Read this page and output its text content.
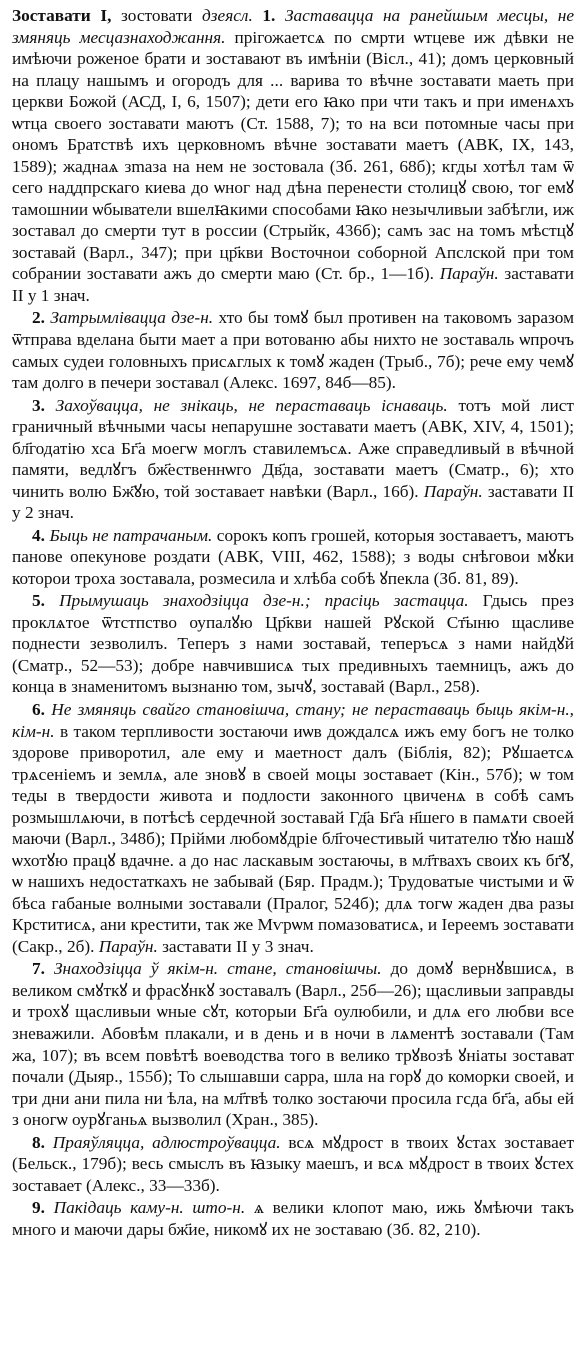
Зоставати I, зостовати дзеясл. 1. Заставацца на ранейшым месцы, не змяняць месцазнаходжання. прiгожаетсѧ по смрти ѡтцеве иж дѣвки не имѣючи роженое брати и зоставают въ имѣнiи (Вiсл., 41); домъ церковный на плацу нашымъ и огородъ для ... варива то вѣчне зоставати маеть при церкви Божой (АСД, I, 6, 1507); дети его ꙗко при чти такъ и при именѧхъ ѡтца своего зоставати маютъ (Ст. 1588, 7); то на вси потомные часы при ономъ Братствѣ ихъ церковномъ вѣчне зоставати маетъ (АВК, IX, 143, 1589); жаднаѧ зmаза на нем не зостовала (Зб. 261, 68б); кгды хотѣл там ѿ сего наддпрскаго киева до ѡног над дѣна перенести столицꙋ свою, тог емꙋ тамошнии ѡбыватели вшелꙗкими способами ꙗко незычливыи забѣгли, иж зоставал до смерти тут в россии (Стрыйк, 436б); самъ зас на томъ мѣстцꙋ зоставай (Варл., 347); при цр҃кви Восточнои соборной Апслской при том собрании зоставати ажъ до смерти маю (Ст. бр., 1—1б). Параўн. заставати II у 1 знач.

2. Затрымлівацца дзе-н. хто бы томꙋ был противен на таковомъ заразом ѿтправа вделана быти мает а при вотованю абы нихто не зоставаль ѡпрочъ самых судеи головныхъ присѧглых к томꙋ жаден (Трыб., 7б); рече ему чемꙋ там долго в печери зоставал (Алекс. 1697, 84б—85).

3. Захоўвацца, не знікаць, не пераставаць існаваць. тотъ мой лист граничный вѣчными часы непарушне зоставати маетъ (АВК, XIV, 4, 1501); бл҃годатiю хса Бг҃а моегѡ моглъ ставилемъсѧ. Аже справедливый в вѣчной памяти, ведлꙋгъ бж҃ественнѡго Дв҃да, зоставати маетъ (Сматр., 6); хто чинить волю Бж҃ꙋю, той зоставает навѣки (Варл., 16б). Параўн. заставати II у 2 знач.

4. Быць не патрачаным. сорокъ копъ грошей, которыя зоставаетъ, маютъ панове опекунове роздати (АВК, VIII, 462, 1588); з воды снѣговои мꙋки которои троха зоставала, розмесила и хлѣба собѣ ꙋпекла (Зб. 81, 89).

5. Прымушаць знаходзіцца дзе-н.; прасіць застацца. Гдысь през проклѧтое ѿтстпство оупалꙋю Цр҃кви нашей Рꙋской Ст҃ыню щасливе поднести зезволилъ. Теперъ з нами зоставай, теперъсѧ з нами найдꙋй (Сматр., 52—53); добре навчившисѧ тых предивныхъ таемницъ, ажъ до конца в знаменитомъ вызнаню том, зычꙋ, зоставай (Варл., 258).

6. Не змяняць свайго становішча, стану; не пераставаць быць якім-н., кім-н. в таком терпливости зостаючи иѡв дождалсѧ ижъ ему богъ не толко здорове приворотил, але ему и маетност далъ (Бiблiя, 82); Рꙋшаетсѧ трѧсенiемъ и землѧ, але зновꙋ в своей моцы зоставает (Кiн., 57б); ѡ том теды в твердости живота и подлости законного цвиченѧ в собѣ самъ розмышлѧючи, в потѣсѣ сердечной зоставай Гд҃а Бг҃а н҃шего в памѧти своей маючи (Варл., 348б); Прiйми любомꙋдрiе бл҃гочестивый читателю тꙋю нашꙋ ѡхотꙋю працꙋ вдачне. а до нас ласкавым зостаючы, в мл҃твахъ своих къ бг҃ꙋ, ѡ нашихъ недостаткахъ не забывай (Бяр. Прадм.); Трудоватые чистыми и ѿ бѣса габаные волными зоставали (Пралог, 524б); длѧ тогѡ жаден два разы Крститисѧ, ани крестити, так же Мѵрѡм помазоватисѧ, и Iереемъ зоставати (Сакр., 2б). Параўн. заставати II у 3 знач.

7. Знаходзіцца ў якім-н. стане, становішчы. до домꙋ вернꙋвшисѧ, в великом смꙋткꙋ и фрасꙋнкꙋ зоставалъ (Варл., 25б—26); щасливыи заправды и трохꙋ щасливыи ѡные сꙋт, которыи Бг҃а оулюбили, и длѧ его любви все зневажили. Абовѣм плакали, и в день и в ночи в лѧментѣ зоставали (Там жа, 107); въ всем повѣтѣ воеводства того в велико трꙋвозѣ ꙋнiаты зостават почали (Дыяр., 155б); То слышавши сарра, шла на горꙋ до коморки своей, и три дни ани пила ни ѣла, на мл҃твѣ толко зостаючи просила гсда бг҃а, абы ей з оногѡ оурꙋганьѧ вызволил (Хран., 385).

8. Праяўляцца, адлюстроўвацца. всѧ мꙋдрост в твоих ꙋстах зоставает (Бельск., 179б); весь смыслъ въ ꙗзыку маешъ, и всѧ мꙋдрост в твоих ꙋстех зоставает (Алекс., 33—33б).

9. Пакідаць каму-н. што-н. ѧ велики клопот маю, ижь ꙋмѣючи такъ много и маючи дары бж҃ие, никомꙋ их не зоставаю (Зб. 82, 210).
